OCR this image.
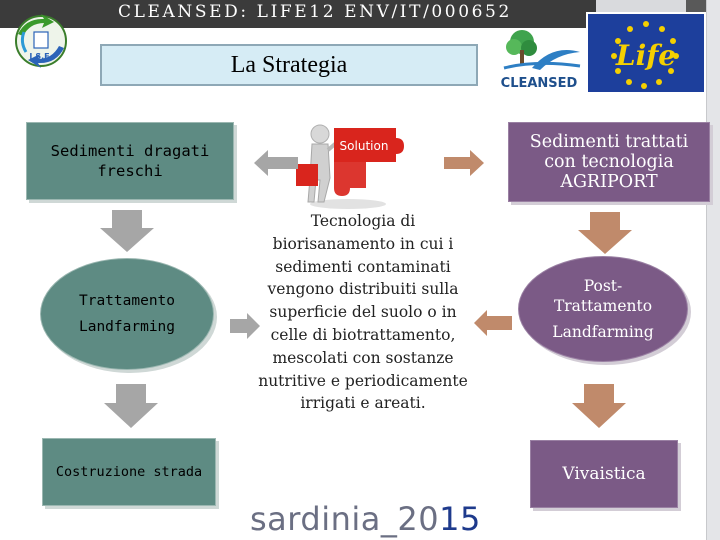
CLEANSED: LIFE12 ENV/IT/000652
I.S.E.	La Strategia
CLEANSED
Life
Solution
Sedimenti dragati freschi
Trattamento
Landfarming
Costruzione strada
Sedimenti trattati con tecnologia AGRIPORT
Post-
Trattamento
Landfarming
Vivaistica
Tecnologia di biorisanamento in cui i sedimenti contaminati vengono distribuiti sulla superficie del suolo o in celle di biotrattamento, mescolati con sostanze nutritive e periodicamente irrigati e areati.
sardinia_2015
